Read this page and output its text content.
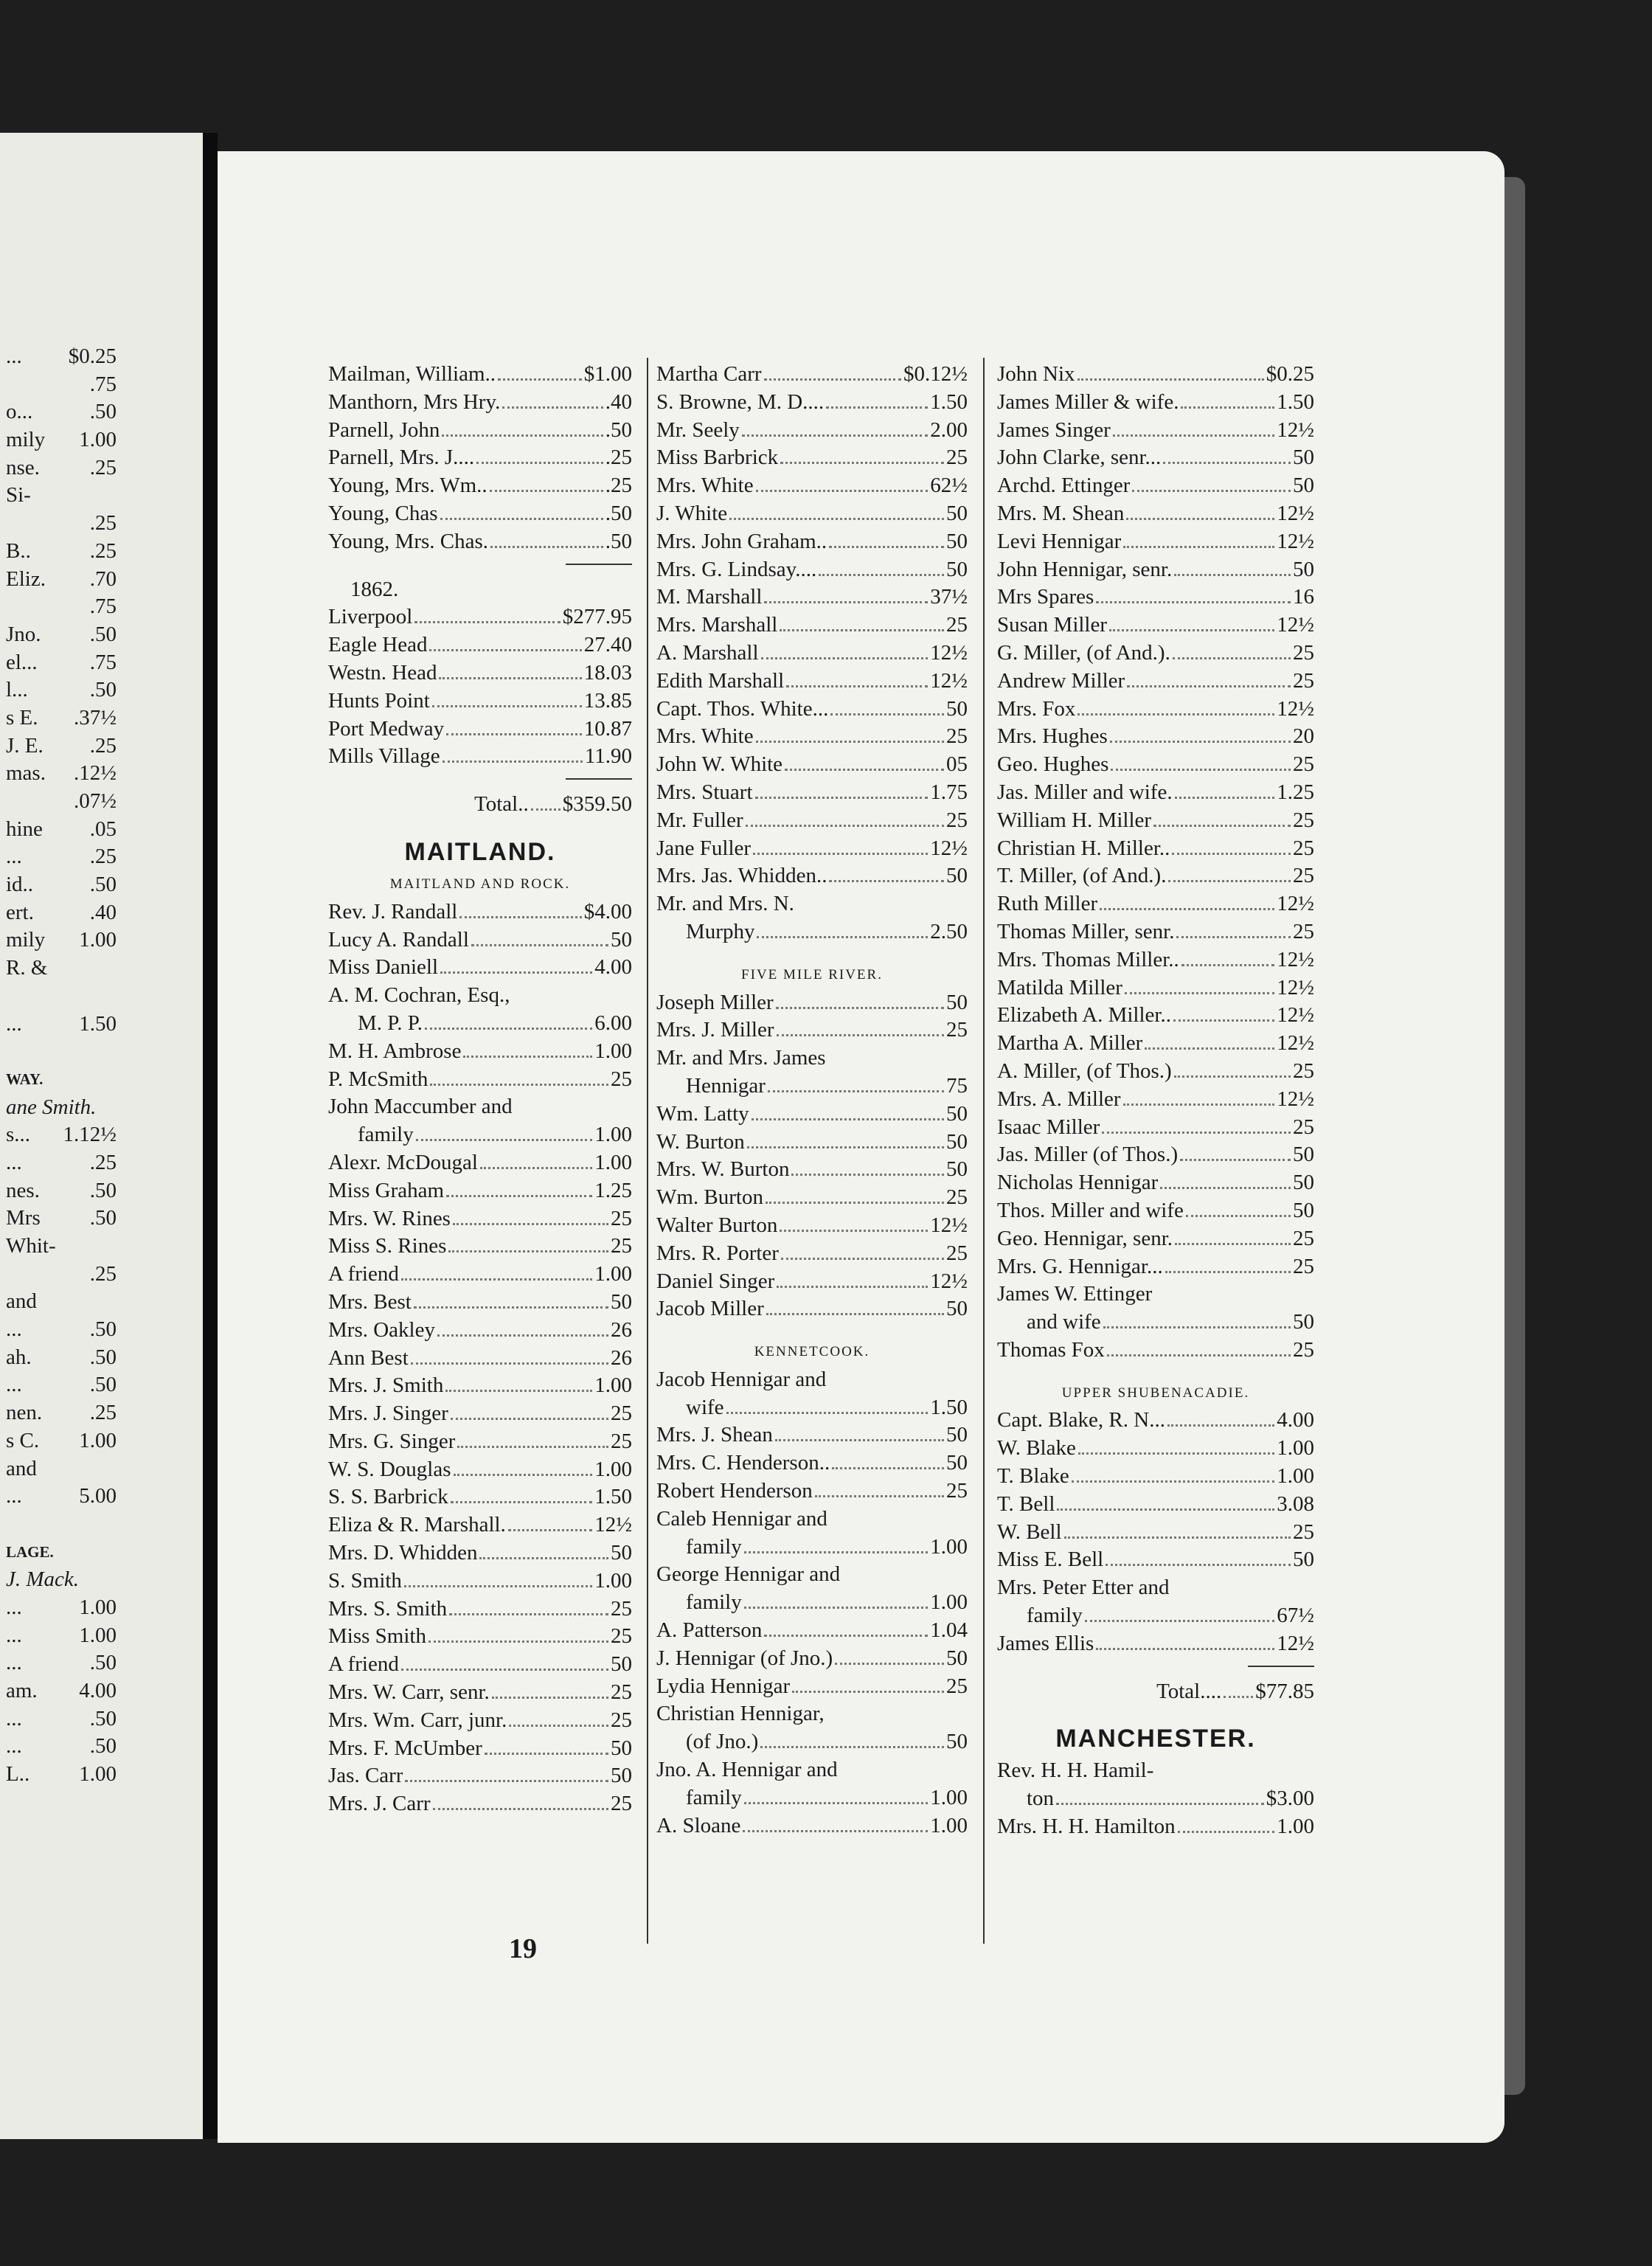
... $0.25
.75
o...	.50
mily 1.00
nse. .25
Si-
.25
B..	.25
Eliz. .70
.75
Jno. .50
el... .75
l...	.50
s E. .37½
J. E. .25
mas. .12½
.07½
hine .05
...	.25
id..	.50
ert.	.40
mily 1.00
R. &
...	1.50
WAY.
ane Smith.
s... 1.12½
...	.25
nes. .50
Mrs .50
Whit-
.25
and
...	.50
ah.	.50
...	.50
nen. .25
s C. 1.00
and
...	5.00
LAGE.
J. Mack.
...	1.00
...	1.00
...	.50
am. 4.00
...	.50
...	.50
L.. 1.00
Mailman, William..	$1.00
Manthorn, Mrs Hry.	.40
Parnell, John	.50
Parnell, Mrs. J....	.25
Young, Mrs. Wm..	.25
Young, Chas	.50
Young, Mrs. Chas.	.50
1862.
Liverpool	$277.95
Eagle Head	27.40
Westn. Head	18.03
Hunts Point	13.85
Port Medway	10.87
Mills Village	11.90
Total.. $359.50
MAITLAND.
MAITLAND AND ROCK.
Rev. J. Randall	$4.00
Lucy A. Randall	50
Miss Daniell	4.00
A. M. Cochran, Esq.,
M. P. P.	6.00
M. H. Ambrose	1.00
P. McSmith	25
John Maccumber and
family	1.00
Alexr. McDougal	1.00
Miss Graham	1.25
Mrs. W. Rines	25
Miss S. Rines	25
A friend	1.00
Mrs. Best	50
Mrs. Oakley	26
Ann Best	26
Mrs. J. Smith	1.00
Mrs. J. Singer	25
Mrs. G. Singer	25
W. S. Douglas	1.00
S. S. Barbrick	1.50
Eliza & R. Marshall.	12½
Mrs. D. Whidden	50
S. Smith	1.00
Mrs. S. Smith	25
Miss Smith	25
A friend	50
Mrs. W. Carr, senr.	25
Mrs. Wm. Carr, junr.	25
Mrs. F. McUmber	50
Jas. Carr	50
Mrs. J. Carr	25
Martha Carr	$0.12½
S. Browne, M. D....	1.50
Mr. Seely	2.00
Miss Barbrick	25
Mrs. White	62½
J. White	50
Mrs. John Graham..	50
Mrs. G. Lindsay....	50
M. Marshall	37½
Mrs. Marshall	25
A. Marshall	12½
Edith Marshall	12½
Capt. Thos. White...	50
Mrs. White	25
John W. White	05
Mrs. Stuart	1.75
Mr. Fuller	25
Jane Fuller	12½
Mrs. Jas. Whidden..	50
Mr. and Mrs. N.
Murphy	2.50
FIVE MILE RIVER.
Joseph Miller	50
Mrs. J. Miller	25
Mr. and Mrs. James
Hennigar	75
Wm. Latty	50
W. Burton	50
Mrs. W. Burton	50
Wm. Burton	25
Walter Burton	12½
Mrs. R. Porter	25
Daniel Singer	12½
Jacob Miller	50
KENNETCOOK.
Jacob Hennigar and
wife	1.50
Mrs. J. Shean	50
Mrs. C. Henderson..	50
Robert Henderson	25
Caleb Hennigar and
family	1.00
George Hennigar and
family	1.00
A. Patterson	1.04
J. Hennigar (of Jno.)	50
Lydia Hennigar	25
Christian Hennigar,
(of Jno.)	50
Jno. A. Hennigar and
family	1.00
A. Sloane	1.00
John Nix	$0.25
James Miller & wife.	1.50
James Singer	12½
John Clarke, senr...	50
Archd. Ettinger	50
Mrs. M. Shean	12½
Levi Hennigar	12½
John Hennigar, senr.	50
Mrs Spares	16
Susan Miller	12½
G. Miller, (of And.).	25
Andrew Miller	25
Mrs. Fox	12½
Mrs. Hughes	20
Geo. Hughes	25
Jas. Miller and wife.	1.25
William H. Miller	25
Christian H. Miller..	25
T. Miller, (of And.).	25
Ruth Miller	12½
Thomas Miller, senr.	25
Mrs. Thomas Miller..	12½
Matilda Miller	12½
Elizabeth A. Miller..	12½
Martha A. Miller	12½
A. Miller, (of Thos.)	25
Mrs. A. Miller	12½
Isaac Miller	25
Jas. Miller (of Thos.)	50
Nicholas Hennigar	50
Thos. Miller and wife	50
Geo. Hennigar, senr.	25
Mrs. G. Hennigar...	25
James W. Ettinger
and wife	50
Thomas Fox	25
UPPER SHUBENACADIE.
Capt. Blake, R. N...	4.00
W. Blake	1.00
T. Blake	1.00
T. Bell	3.08
W. Bell	25
Miss E. Bell	50
Mrs. Peter Etter and
family	67½
James Ellis	12½
Total.... $77.85
MANCHESTER.
Rev. H. H. Hamil-
ton	$3.00
Mrs. H. H. Hamilton	1.00
19
